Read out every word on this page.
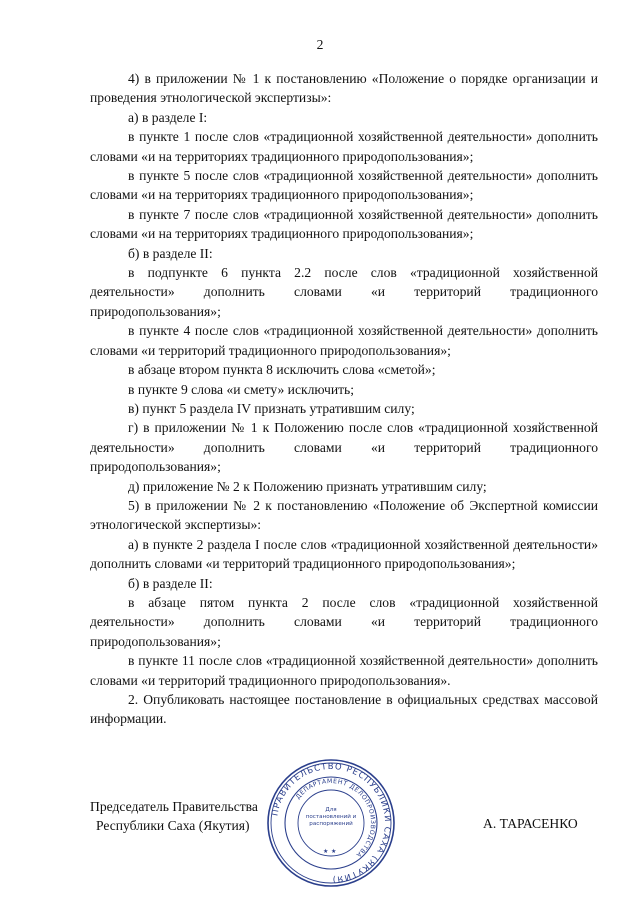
2

4) в приложении № 1 к постановлению «Положение о порядке организации и проведения этнологической экспертизы»:

а) в разделе I:

в пункте 1 после слов «традиционной хозяйственной деятельности» дополнить словами «и на территориях традиционного природопользования»;

в пункте 5 после слов «традиционной хозяйственной деятельности» дополнить словами «и на территориях традиционного природопользования»;

в пункте 7 после слов «традиционной хозяйственной деятельности» дополнить словами «и на территориях традиционного природопользования»;

б) в разделе II:

в подпункте 6 пункта 2.2 после слов «традиционной хозяйственной деятельности» дополнить словами «и территорий традиционного природопользования»;

в пункте 4 после слов «традиционной хозяйственной деятельности» дополнить словами «и территорий традиционного природопользования»;

в абзаце втором пункта 8 исключить слова «сметой»;

в пункте 9 слова «и смету» исключить;

в) пункт 5 раздела IV признать утратившим силу;

г) в приложении № 1 к Положению после слов «традиционной хозяйственной деятельности» дополнить словами «и территорий традиционного природопользования»;

д) приложение № 2 к Положению признать утратившим силу;

5) в приложении № 2 к постановлению «Положение об Экспертной комиссии этнологической экспертизы»:

а) в пункте 2 раздела I после слов «традиционной хозяйственной деятельности» дополнить словами «и территорий традиционного природопользования»;

б) в разделе II:

в абзаце пятом пункта 2 после слов «традиционной хозяйственной деятельности» дополнить словами «и территорий традиционного природопользования»;

в пункте 11 после слов «традиционной хозяйственной деятельности» дополнить словами «и территорий традиционного природопользования».

2. Опубликовать настоящее постановление в официальных средствах массовой информации.

Председатель Правительства
Республики Саха (Якутия)	А. ТАРАСЕНКО
ПРАВИТЕЛЬСТВО РЕСПУБЛИКИ САХА (ЯКУТИЯ)
ДЕПАРТАМЕНТ ДЕЛОПРОИЗВОДСТВА
Для постановлений и распоряжений
★ ★
